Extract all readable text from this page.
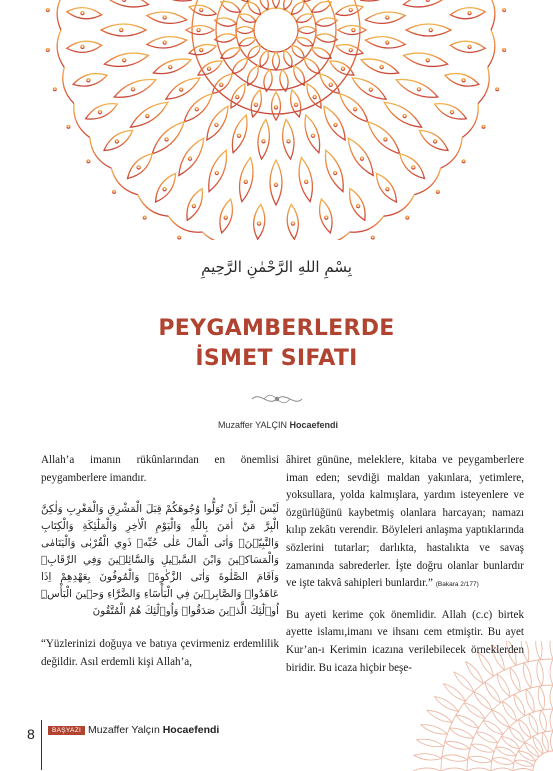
بِسْمِ اللهِ الرَّحْمٰنِ الرَّحِيمِ
PEYGAMBERLERDE
İSMET SIFATI
Muzaffer YALÇIN Hocaefendi

Allah’a imanın rükûnlarından en önemlisi peygamberlere imandır.

لَيْسَ الْبِرَّ اَنْ تُوَلُّوا وُجُوهَكُمْ قِبَلَ الْمَشْرِقِ وَالْمَغْرِبِ وَلٰكِنَّ الْبِرَّ مَنْ اٰمَنَ بِاللّٰهِ وَالْيَوْمِ الْاٰخِرِ وَالْمَلٰٓئِكَةِ وَالْكِتَابِ وَالنَّبِيّٖنَۚ وَاٰتَى الْمَالَ عَلٰى حُبِّه۪ ذَوِي الْقُرْبٰى وَالْيَتَامٰى وَالْمَسَاكٖينَ وَابْنَ السَّبٖيلِ وَالسَّٓائِلٖينَ وَفِي الرِّقَابِۚ وَاَقَامَ الصَّلٰوةَ وَاٰتَى الزَّكٰوةَۚ وَالْمُوفُونَ بِعَهْدِهِمْ اِذَا عَاهَدُواۚ وَالصَّابِرٖينَ فِي الْبَأْسَٓاءِ وَالضَّرَّٓاءِ وَحٖينَ الْبَأْسِۜ اُو۬لٰٓئِكَ الَّذٖينَ صَدَقُواۜ وَاُو۬لٰٓئِكَ هُمُ الْمُتَّقُونَ

“Yüzlerinizi doğuya ve batıya çevirmeniz erdemlilik değildir. Asıl erdemli kişi Allah’a,

âhiret gününe, meleklere, kitaba ve peygamberlere iman eden; sevdiği maldan yakınlara, yetimlere, yoksullara, yolda kalmışlara, yardım isteyenlere ve özgürlüğünü kaybetmiş olanlara harcayan; namazı kılıp zekâtı verendir. Böyleleri anlaşma yaptıklarında sözlerini tutarlar; darlıkta, hastalıkta ve savaş zamanında sabrederler. İşte doğru olanlar bunlardır ve işte takvâ sahipleri bunlardır.” (Bakara 2/177)

Bu ayeti kerime çok önemlidir. Allah (c.c) birtek ayette islamı,imanı ve ihsanı cem etmiştir. Bu ayet Kur’an-ı Kerimin icazına verilebilecek örneklerden biridir. Bu icaza hiçbir beşe-

8	BAŞYAZI Muzaffer Yalçın Hocaefendi
